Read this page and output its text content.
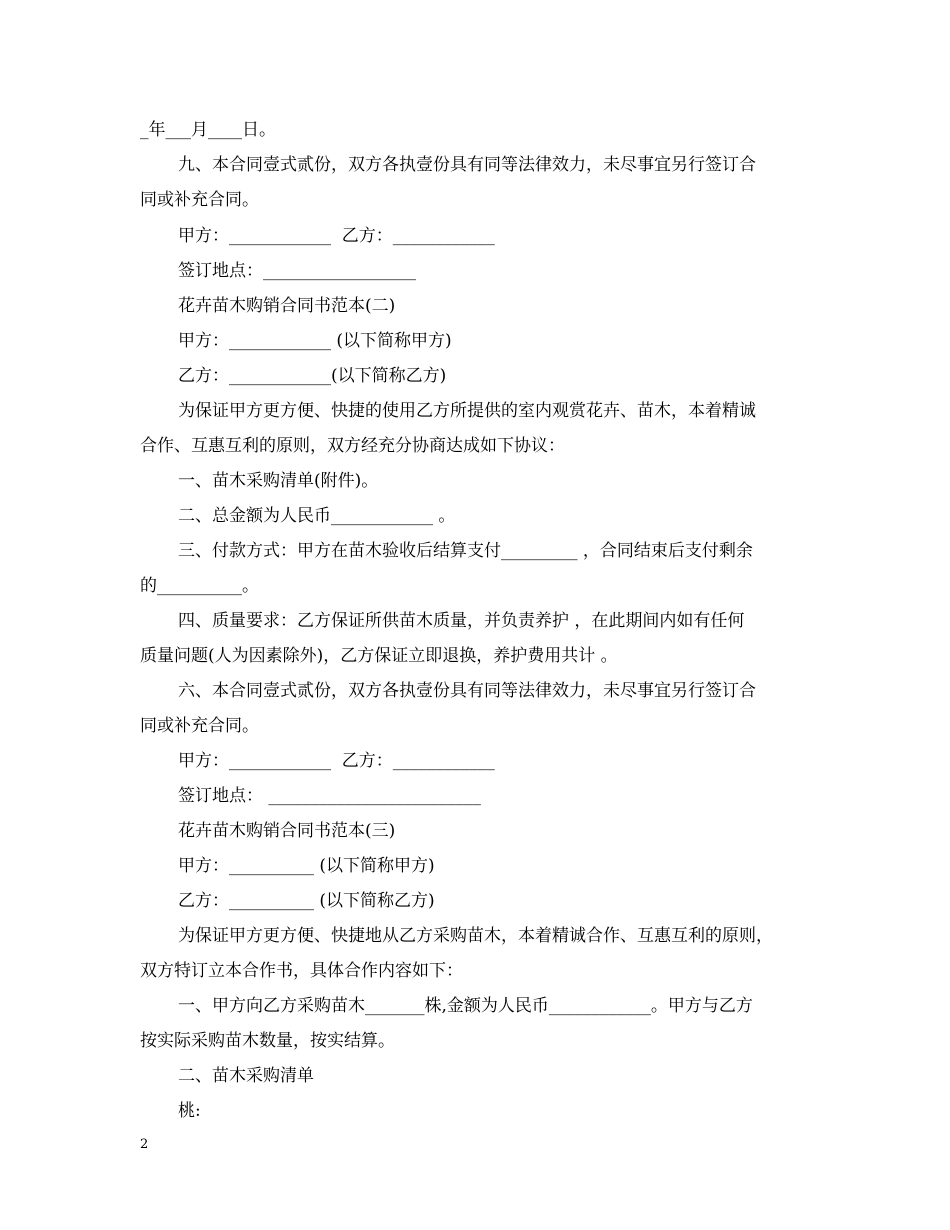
_年___月____日。
九、本合同壹式贰份，双方各执壹份具有同等法律效力，未尽事宜另行签订合
同或补充合同。
甲方：____________  乙方：____________
签订地点：__________________
花卉苗木购销合同书范本(二)
甲方：____________ (以下简称甲方)
乙方：____________(以下简称乙方)
为保证甲方更方便、快捷的使用乙方所提供的室内观赏花卉、苗木，本着精诚
合作、互惠互利的原则，双方经充分协商达成如下协议：
一、苗木采购清单(附件)。
二、总金额为人民币____________ 。
三、付款方式：甲方在苗木验收后结算支付_________ ，合同结束后支付剩余
的__________。
四、质量要求：乙方保证所供苗木质量，并负责养护 ，在此期间内如有任何
质量问题(人为因素除外)，乙方保证立即退换，养护费用共计 。
六、本合同壹式贰份，双方各执壹份具有同等法律效力，未尽事宜另行签订合
同或补充合同。
甲方：____________  乙方：____________
签订地点： _________________________
花卉苗木购销合同书范本(三)
甲方：__________ (以下简称甲方)
乙方：__________ (以下简称乙方)
为保证甲方更方便、快捷地从乙方采购苗木，本着精诚合作、互惠互利的原则，
双方特订立本合作书，具体合作内容如下：
一、甲方向乙方采购苗木_______株,金额为人民币____________。甲方与乙方
按实际采购苗木数量，按实结算。
二、苗木采购清单
桃:
2
